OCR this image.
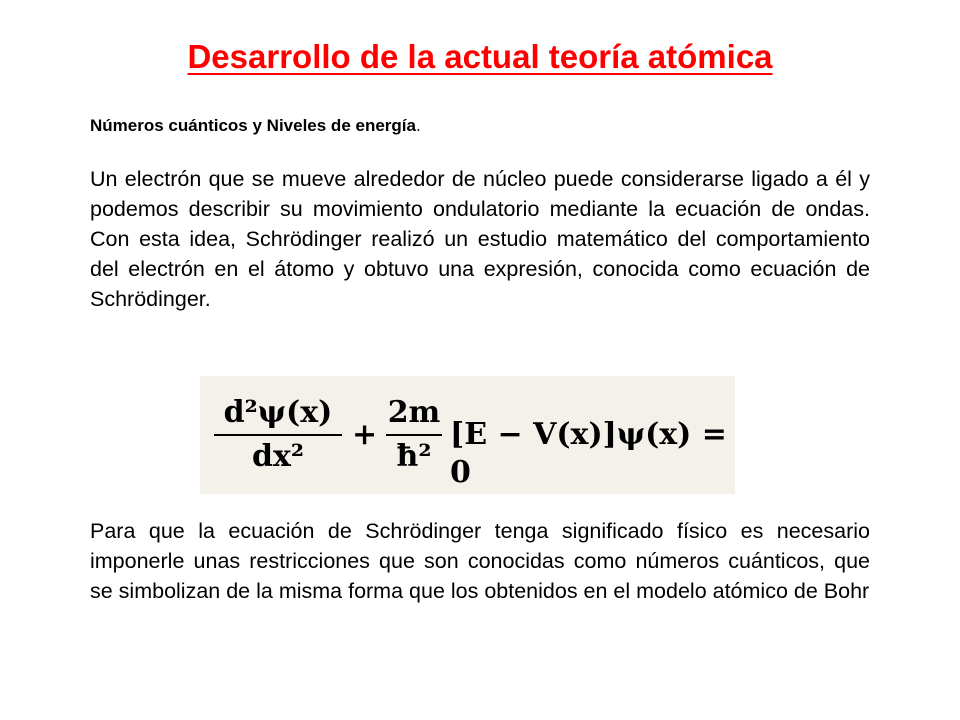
Desarrollo de la actual teoría atómica
Números cuánticos y Niveles de energía.

Un electrón que se mueve alrededor de núcleo puede considerarse ligado a él y podemos describir su movimiento ondulatorio mediante la ecuación de ondas. Con esta idea, Schrödinger realizó un estudio matemático del comportamiento del electrón en el átomo y obtuvo una expresión, conocida como ecuación de Schrödinger.

d²ψ(x)
dx²
+
2m
ħ²
[E − V(x)]ψ(x) = 0

Para que la ecuación de Schrödinger tenga significado físico es necesario imponerle unas restricciones que son conocidas como números cuánticos, que se simbolizan de la misma forma que los obtenidos en el modelo atómico de Bohr
